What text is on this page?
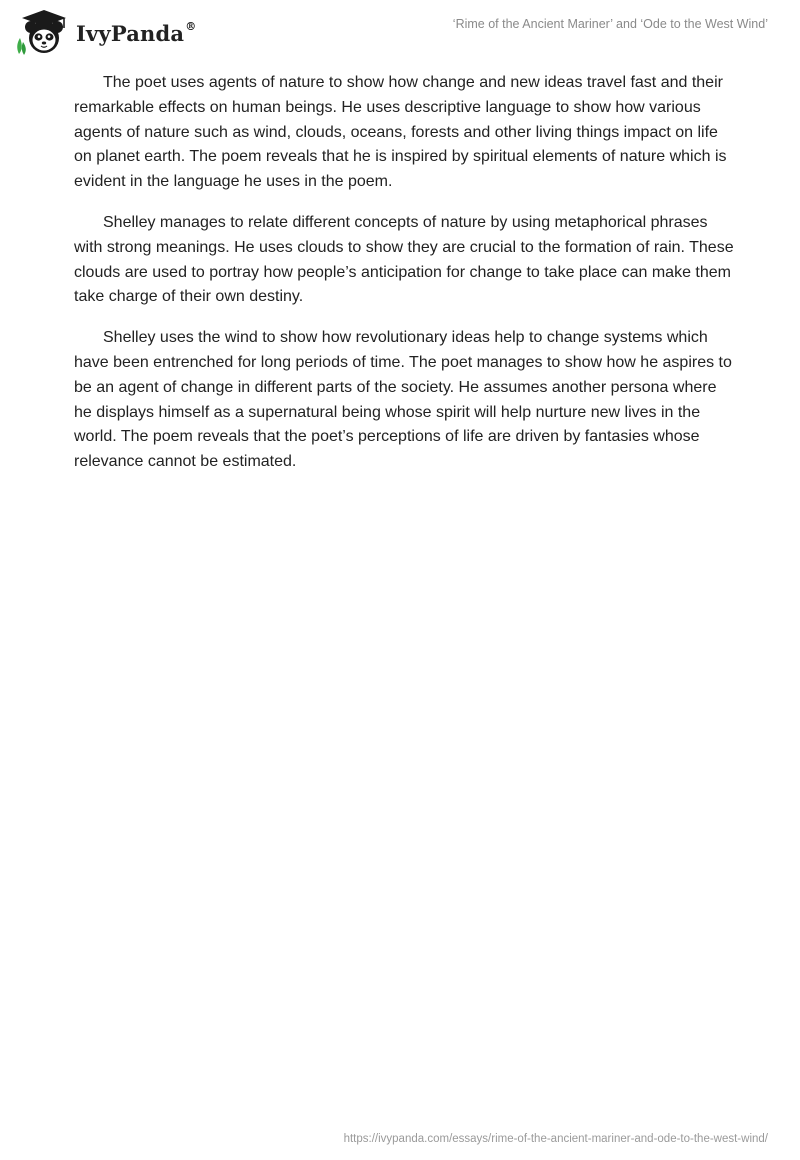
IvyPanda®	‘Rime of the Ancient Mariner’ and ‘Ode to the West Wind’

The poet uses agents of nature to show how change and new ideas travel fast and their remarkable effects on human beings. He uses descriptive language to show how various agents of nature such as wind, clouds, oceans, forests and other living things impact on life on planet earth. The poem reveals that he is inspired by spiritual elements of nature which is evident in the language he uses in the poem.

Shelley manages to relate different concepts of nature by using metaphorical phrases with strong meanings. He uses clouds to show they are crucial to the formation of rain. These clouds are used to portray how people’s anticipation for change to take place can make them take charge of their own destiny.

Shelley uses the wind to show how revolutionary ideas help to change systems which have been entrenched for long periods of time. The poet manages to show how he aspires to be an agent of change in different parts of the society. He assumes another persona where he displays himself as a supernatural being whose spirit will help nurture new lives in the world. The poem reveals that the poet’s perceptions of life are driven by fantasies whose relevance cannot be estimated.

https://ivypanda.com/essays/rime-of-the-ancient-mariner-and-ode-to-the-west-wind/
